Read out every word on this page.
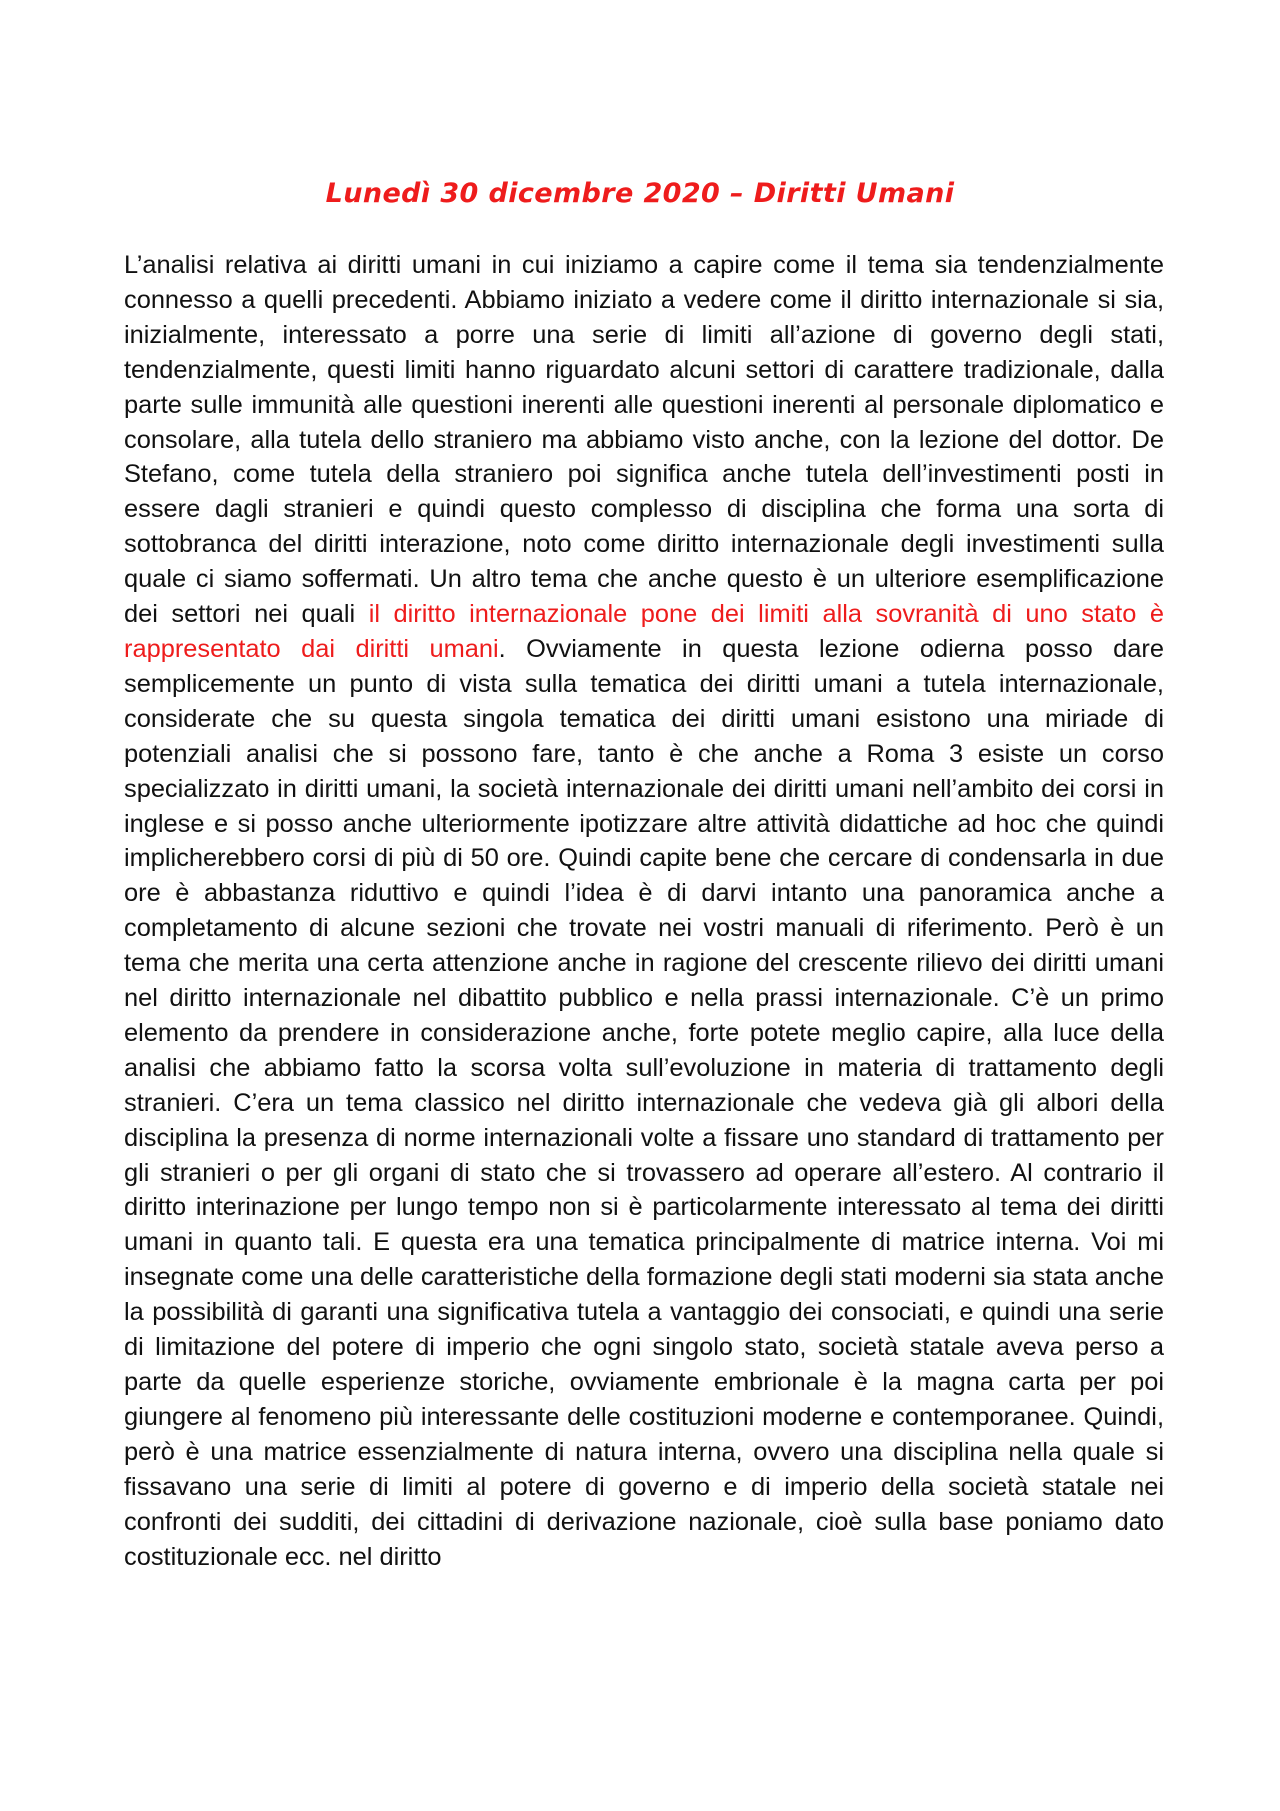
Lunedì 30 dicembre 2020 – Diritti Umani

L’analisi relativa ai diritti umani in cui iniziamo a capire come il tema sia tendenzialmente connesso a quelli precedenti. Abbiamo iniziato a vedere come il diritto internazionale si sia, inizialmente, interessato a porre una serie di limiti all’azione di governo degli stati, tendenzialmente, questi limiti hanno riguardato alcuni settori di carattere tradizionale, dalla parte sulle immunità alle questioni inerenti alle questioni inerenti al personale diplomatico e consolare, alla tutela dello straniero ma abbiamo visto anche, con la lezione del dottor. De Stefano, come tutela della straniero poi significa anche tutela dell’investimenti posti in essere dagli stranieri e quindi questo complesso di disciplina che forma una sorta di sottobranca del diritti interazione, noto come diritto internazionale degli investimenti sulla quale ci siamo soffermati. Un altro tema che anche questo è un ulteriore esemplificazione dei settori nei quali il diritto internazionale pone dei limiti alla sovranità di uno stato è rappresentato dai diritti umani. Ovviamente in questa lezione odierna posso dare semplicemente un punto di vista sulla tematica dei diritti umani a tutela internazionale, considerate che su questa singola tematica dei diritti umani esistono una miriade di potenziali analisi che si possono fare, tanto è che anche a Roma 3 esiste un corso specializzato in diritti umani, la società internazionale dei diritti umani nell’ambito dei corsi in inglese e si posso anche ulteriormente ipotizzare altre attività didattiche ad hoc che quindi implicherebbero corsi di più di 50 ore. Quindi capite bene che cercare di condensarla in due ore è abbastanza riduttivo e quindi l’idea è di darvi intanto una panoramica anche a completamento di alcune sezioni che trovate nei vostri manuali di riferimento. Però è un tema che merita una certa attenzione anche in ragione del crescente rilievo dei diritti umani nel diritto internazionale nel dibattito pubblico e nella prassi internazionale. C’è un primo elemento da prendere in considerazione anche, forte potete meglio capire, alla luce della analisi che abbiamo fatto la scorsa volta sull’evoluzione in materia di trattamento degli stranieri. C’era un tema classico nel diritto internazionale che vedeva già gli albori della disciplina la presenza di norme internazionali volte a fissare uno standard di trattamento per gli stranieri o per gli organi di stato che si trovassero ad operare all’estero. Al contrario il diritto interinazione per lungo tempo non si è particolarmente interessato al tema dei diritti umani in quanto tali. E questa era una tematica principalmente di matrice interna. Voi mi insegnate come una delle caratteristiche della formazione degli stati moderni sia stata anche la possibilità di garanti una significativa tutela a vantaggio dei consociati, e quindi una serie di limitazione del potere di imperio che ogni singolo stato, società statale aveva perso a parte da quelle esperienze storiche, ovviamente embrionale è la magna carta per poi giungere al fenomeno più interessante delle costituzioni moderne e contemporanee. Quindi, però è una matrice essenzialmente di natura interna, ovvero una disciplina nella quale si fissavano una serie di limiti al potere di governo e di imperio della società statale nei confronti dei sudditi, dei cittadini di derivazione nazionale, cioè sulla base poniamo dato costituzionale ecc. nel diritto
